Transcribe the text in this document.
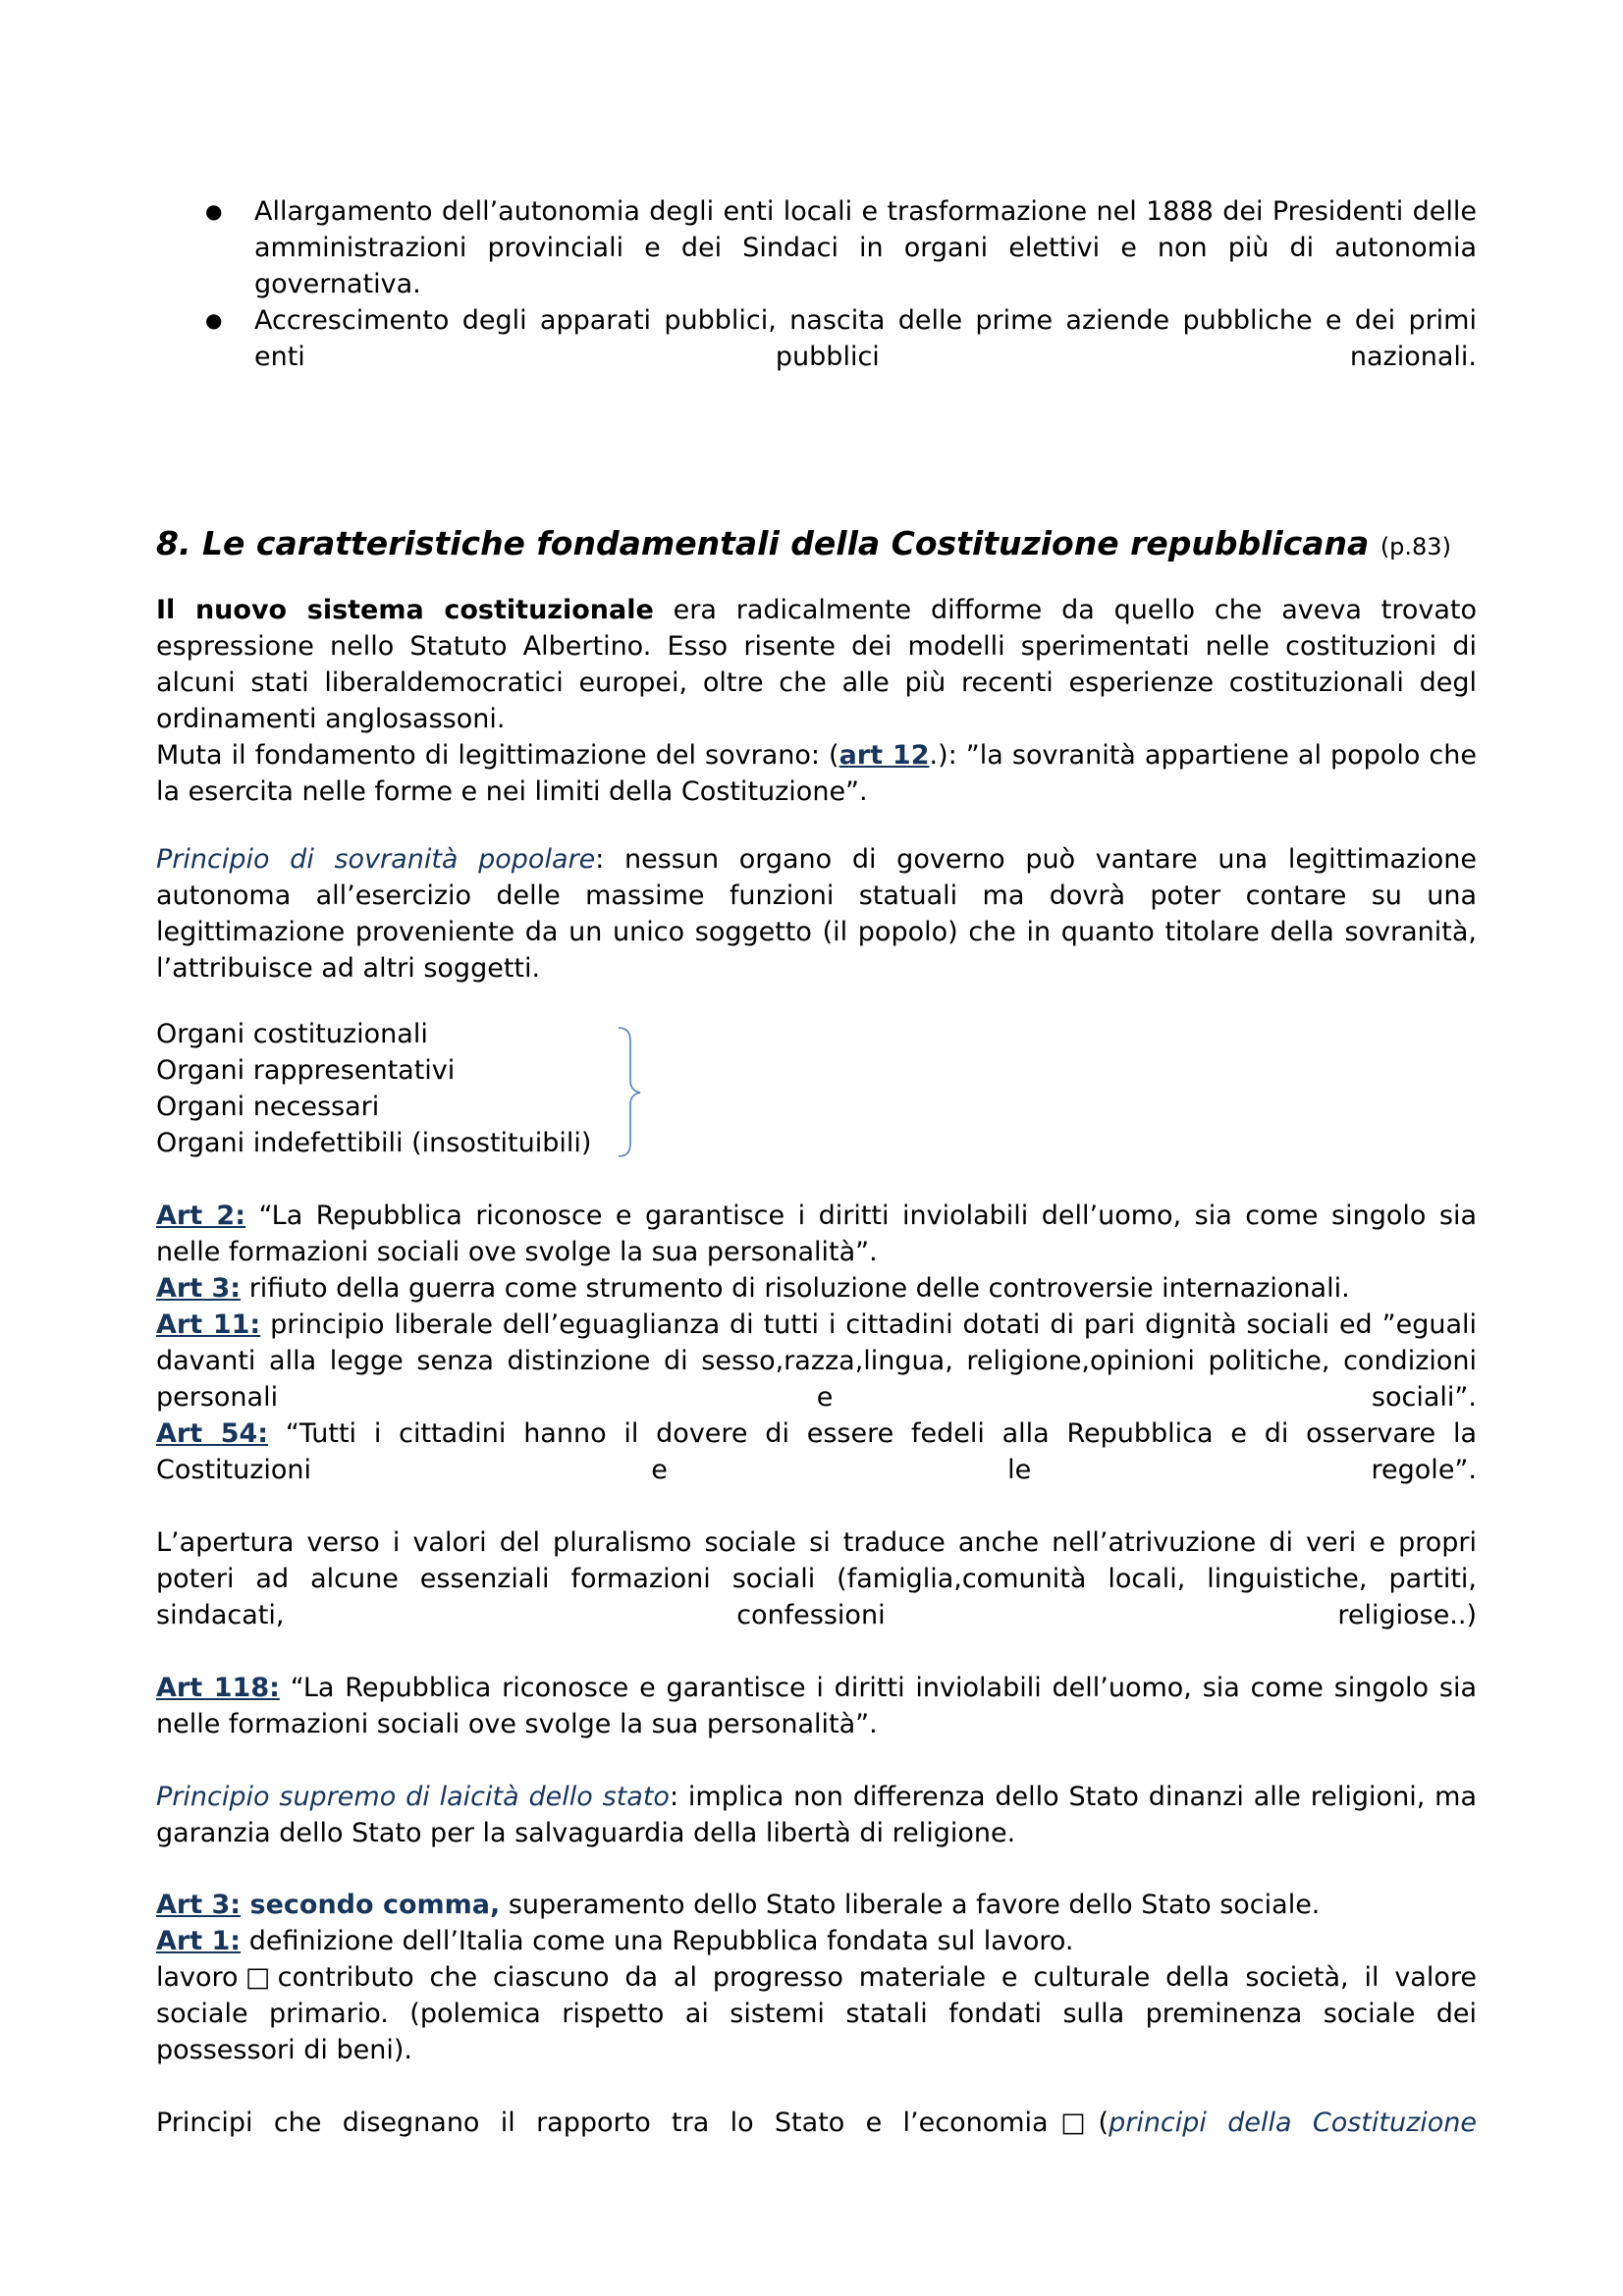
● Allargamento dell’autonomia degli enti locali e trasformazione nel 1888 dei Presidenti delle amministrazioni provinciali e dei Sindaci in organi elettivi e non più di autonomia governativa.
● Accrescimento degli apparati pubblici, nascita delle prime aziende pubbliche e dei primi enti pubblici nazionali.
8. Le caratteristiche fondamentali della Costituzione repubblicana (p.83)

Il nuovo sistema costituzionale era radicalmente difforme da quello che aveva trovato espressione nello Statuto Albertino. Esso risente dei modelli sperimentati nelle costituzioni di alcuni stati liberaldemocratici europei, oltre che alle più recenti esperienze costituzionali degl ordinamenti anglosassoni.

Muta il fondamento di legittimazione del sovrano: (art 12.): ”la sovranità appartiene al popolo che la esercita nelle forme e nei limiti della Costituzione”.

Principio di sovranità popolare: nessun organo di governo può vantare una legittimazione autonoma all’esercizio delle massime funzioni statuali ma dovrà poter contare su una legittimazione proveniente da un unico soggetto (il popolo) che in quanto titolare della sovranità, l’attribuisce ad altri soggetti.

Organi costituzionali
Organi rappresentativi
Organi necessari
Organi indefettibili (insostituibili)

Art 2: “La Repubblica riconosce e garantisce i diritti inviolabili dell’uomo, sia come singolo sia nelle formazioni sociali ove svolge la sua personalità”.

Art 3: rifiuto della guerra come strumento di risoluzione delle controversie internazionali.

Art 11: principio liberale dell’eguaglianza di tutti i cittadini dotati di pari dignità sociali ed ”eguali davanti alla legge senza distinzione di sesso,razza,lingua, religione,opinioni politiche, condizioni personali e sociali”.

Art 54: “Tutti i cittadini hanno il dovere di essere fedeli alla Repubblica e di osservare la Costituzioni e le regole”.

L’apertura verso i valori del pluralismo sociale si traduce anche nell’atrivuzione di veri e propri poteri ad alcune essenziali formazioni sociali (famiglia,comunità locali, linguistiche, partiti, sindacati, confessioni religiose..)

Art 118: “La Repubblica riconosce e garantisce i diritti inviolabili dell’uomo, sia come singolo sia nelle formazioni sociali ove svolge la sua personalità”.

Principio supremo di laicità dello stato: implica non differenza dello Stato dinanzi alle religioni, ma garanzia dello Stato per la salvaguardia della libertà di religione.

Art 3: secondo comma, superamento dello Stato liberale a favore dello Stato sociale.

Art 1: definizione dell’Italia come una Repubblica fondata sul lavoro.

lavoro□contributo che ciascuno da al progresso materiale e culturale della società, il valore sociale primario. (polemica rispetto ai sistemi statali fondati sulla preminenza sociale dei possessori di beni).

Principi che disegnano il rapporto tra lo Stato e l’economia□(principi della Costituzione
